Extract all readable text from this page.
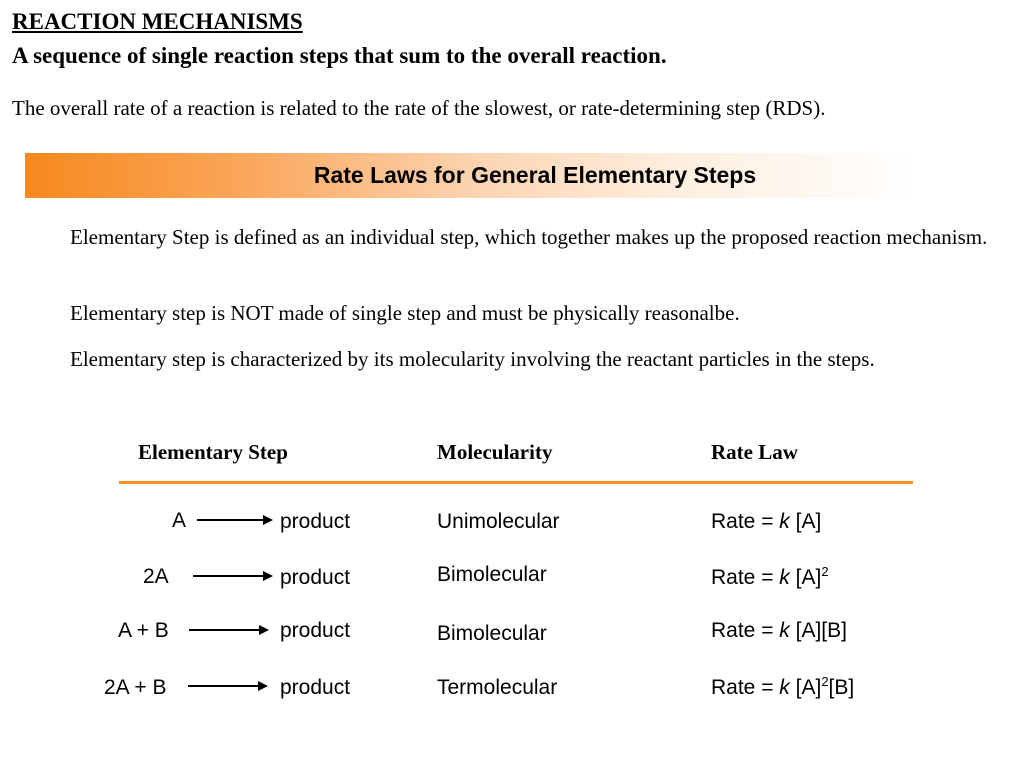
REACTION MECHANISMS
A sequence of single reaction steps that sum to the overall reaction.
The overall rate of a reaction is related to the rate of the slowest, or rate-determining step (RDS).
Rate Laws for General Elementary Steps
Elementary Step is defined as an individual step, which together makes up the proposed reaction mechanism.
Elementary step is NOT made of single step and must be physically reasonalbe.
Elementary step is characterized by its molecularity involving the reactant particles in the steps.
Elementary Step	Molecularity	Rate Law
A	product	Unimolecular	Rate = k [A]
2A	product	Bimolecular	Rate = k $[A]^2$
A + B	product	Bimolecular	Rate = k [A][B]
2A + B	product	Termolecular	Rate = k $[A]^2[B]$
